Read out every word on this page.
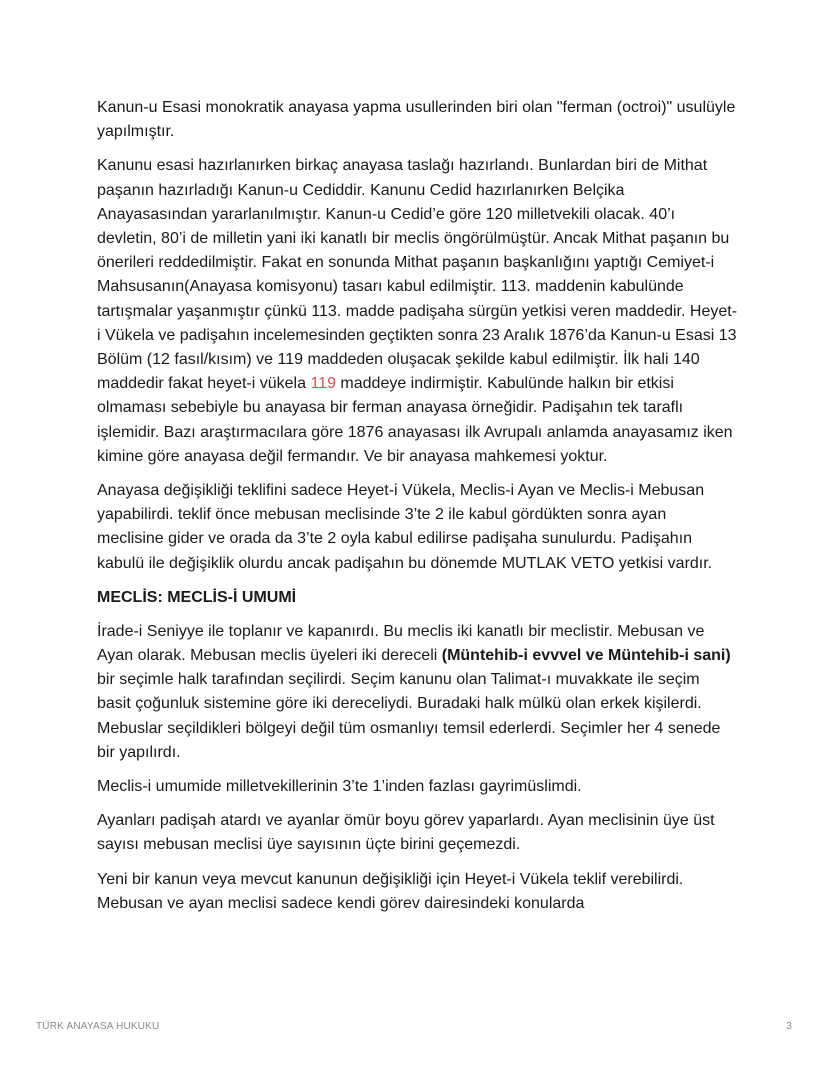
Kanun-u Esasi monokratik anayasa yapma usullerinden biri olan "ferman (octroi)" usulüyle yapılmıştır.

Kanunu esasi hazırlanırken birkaç anayasa taslağı hazırlandı. Bunlardan biri de Mithat paşanın hazırladığı Kanun-u Cediddir. Kanunu Cedid hazırlanırken Belçika Anayasasından yararlanılmıştır. Kanun-u Cedid’e göre 120 milletvekili olacak. 40’ı devletin, 80’i de milletin yani iki kanatlı bir meclis öngörülmüştür. Ancak Mithat paşanın bu önerileri reddedilmiştir. Fakat en sonunda Mithat paşanın başkanlığını yaptığı Cemiyet-i Mahsusanın(Anayasa komisyonu) tasarı kabul edilmiştir. 113. maddenin kabulünde tartışmalar yaşanmıştır çünkü 113. madde padişaha sürgün yetkisi veren maddedir. Heyet-i Vükela ve padişahın incelemesinden geçtikten sonra 23 Aralık 1876’da Kanun-u Esasi 13 Bölüm (12 fasıl/kısım) ve 119 maddeden oluşacak şekilde kabul edilmiştir. İlk hali 140 maddedir fakat heyet-i vükela 119 maddeye indirmiştir. Kabulünde halkın bir etkisi olmaması sebebiyle bu anayasa bir ferman anayasa örneğidir. Padişahın tek taraflı işlemidir. Bazı araştırmacılara göre 1876 anayasası ilk Avrupalı anlamda anayasamız iken kimine göre anayasa değil fermandır. Ve bir anayasa mahkemesi yoktur.

Anayasa değişikliği teklifini sadece Heyet-i Vükela, Meclis-i Ayan ve Meclis-i Mebusan yapabilirdi. teklif önce mebusan meclisinde 3’te 2 ile kabul gördükten sonra ayan meclisine gider ve orada da 3’te 2 oyla kabul edilirse padişaha sunulurdu. Padişahın kabulü ile değişiklik olurdu ancak padişahın bu dönemde MUTLAK VETO yetkisi vardır.

MECLİS: MECLİS-İ UMUMİ

İrade-i Seniyye ile toplanır ve kapanırdı. Bu meclis iki kanatlı bir meclistir. Mebusan ve Ayan olarak. Mebusan meclis üyeleri iki dereceli (Müntehib-i evvvel ve Müntehib-i sani) bir seçimle halk tarafından seçilirdi. Seçim kanunu olan Talimat-ı muvakkate ile seçim basit çoğunluk sistemine göre iki dereceliydi. Buradaki halk mülkü olan erkek kişilerdi. Mebuslar seçildikleri bölgeyi değil tüm osmanlıyı temsil ederlerdi. Seçimler her 4 senede bir yapılırdı.

Meclis-i umumide milletvekillerinin 3’te 1’inden fazlası gayrimüslimdi.

Ayanları padişah atardı ve ayanlar ömür boyu görev yaparlardı. Ayan meclisinin üye üst sayısı mebusan meclisi üye sayısının üçte birini geçemezdi.

Yeni bir kanun veya mevcut kanunun değişikliği için Heyet-i Vükela teklif verebilirdi. Mebusan ve ayan meclisi sadece kendi görev dairesindeki konularda

TÜRK ANAYASA HUKUKU	3
